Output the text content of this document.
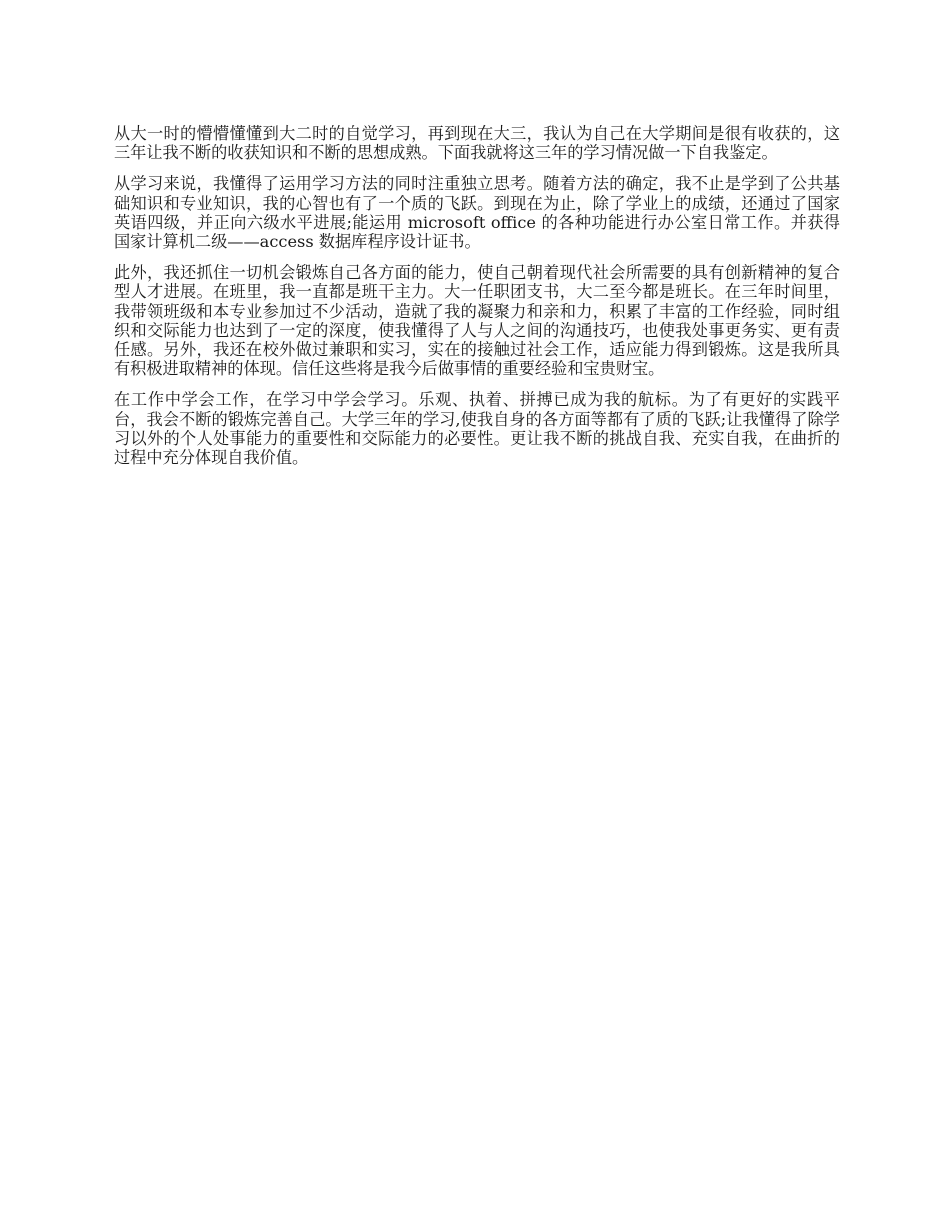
从大一时的懵懵懂懂到大二时的自觉学习，再到现在大三，我认为自己在大学期间是很有收获的，这三年让我不断的收获知识和不断的思想成熟。下面我就将这三年的学习情况做一下自我鉴定。

从学习来说，我懂得了运用学习方法的同时注重独立思考。随着方法的确定，我不止是学到了公共基础知识和专业知识，我的心智也有了一个质的飞跃。到现在为止，除了学业上的成绩，还通过了国家英语四级，并正向六级水平进展;能运用 microsoft office 的各种功能进行办公室日常工作。并获得国家计算机二级——access 数据库程序设计证书。

此外，我还抓住一切机会锻炼自己各方面的能力，使自己朝着现代社会所需要的具有创新精神的复合型人才进展。在班里，我一直都是班干主力。大一任职团支书，大二至今都是班长。在三年时间里，我带领班级和本专业参加过不少活动，造就了我的凝聚力和亲和力，积累了丰富的工作经验，同时组织和交际能力也达到了一定的深度，使我懂得了人与人之间的沟通技巧，也使我处事更务实、更有责任感。另外，我还在校外做过兼职和实习，实在的接触过社会工作，适应能力得到锻炼。这是我所具有积极进取精神的体现。信任这些将是我今后做事情的重要经验和宝贵财宝。

在工作中学会工作，在学习中学会学习。乐观、执着、拼搏已成为我的航标。为了有更好的实践平台，我会不断的锻炼完善自己。大学三年的学习,使我自身的各方面等都有了质的飞跃;让我懂得了除学习以外的个人处事能力的重要性和交际能力的必要性。更让我不断的挑战自我、充实自我，在曲折的过程中充分体现自我价值。
